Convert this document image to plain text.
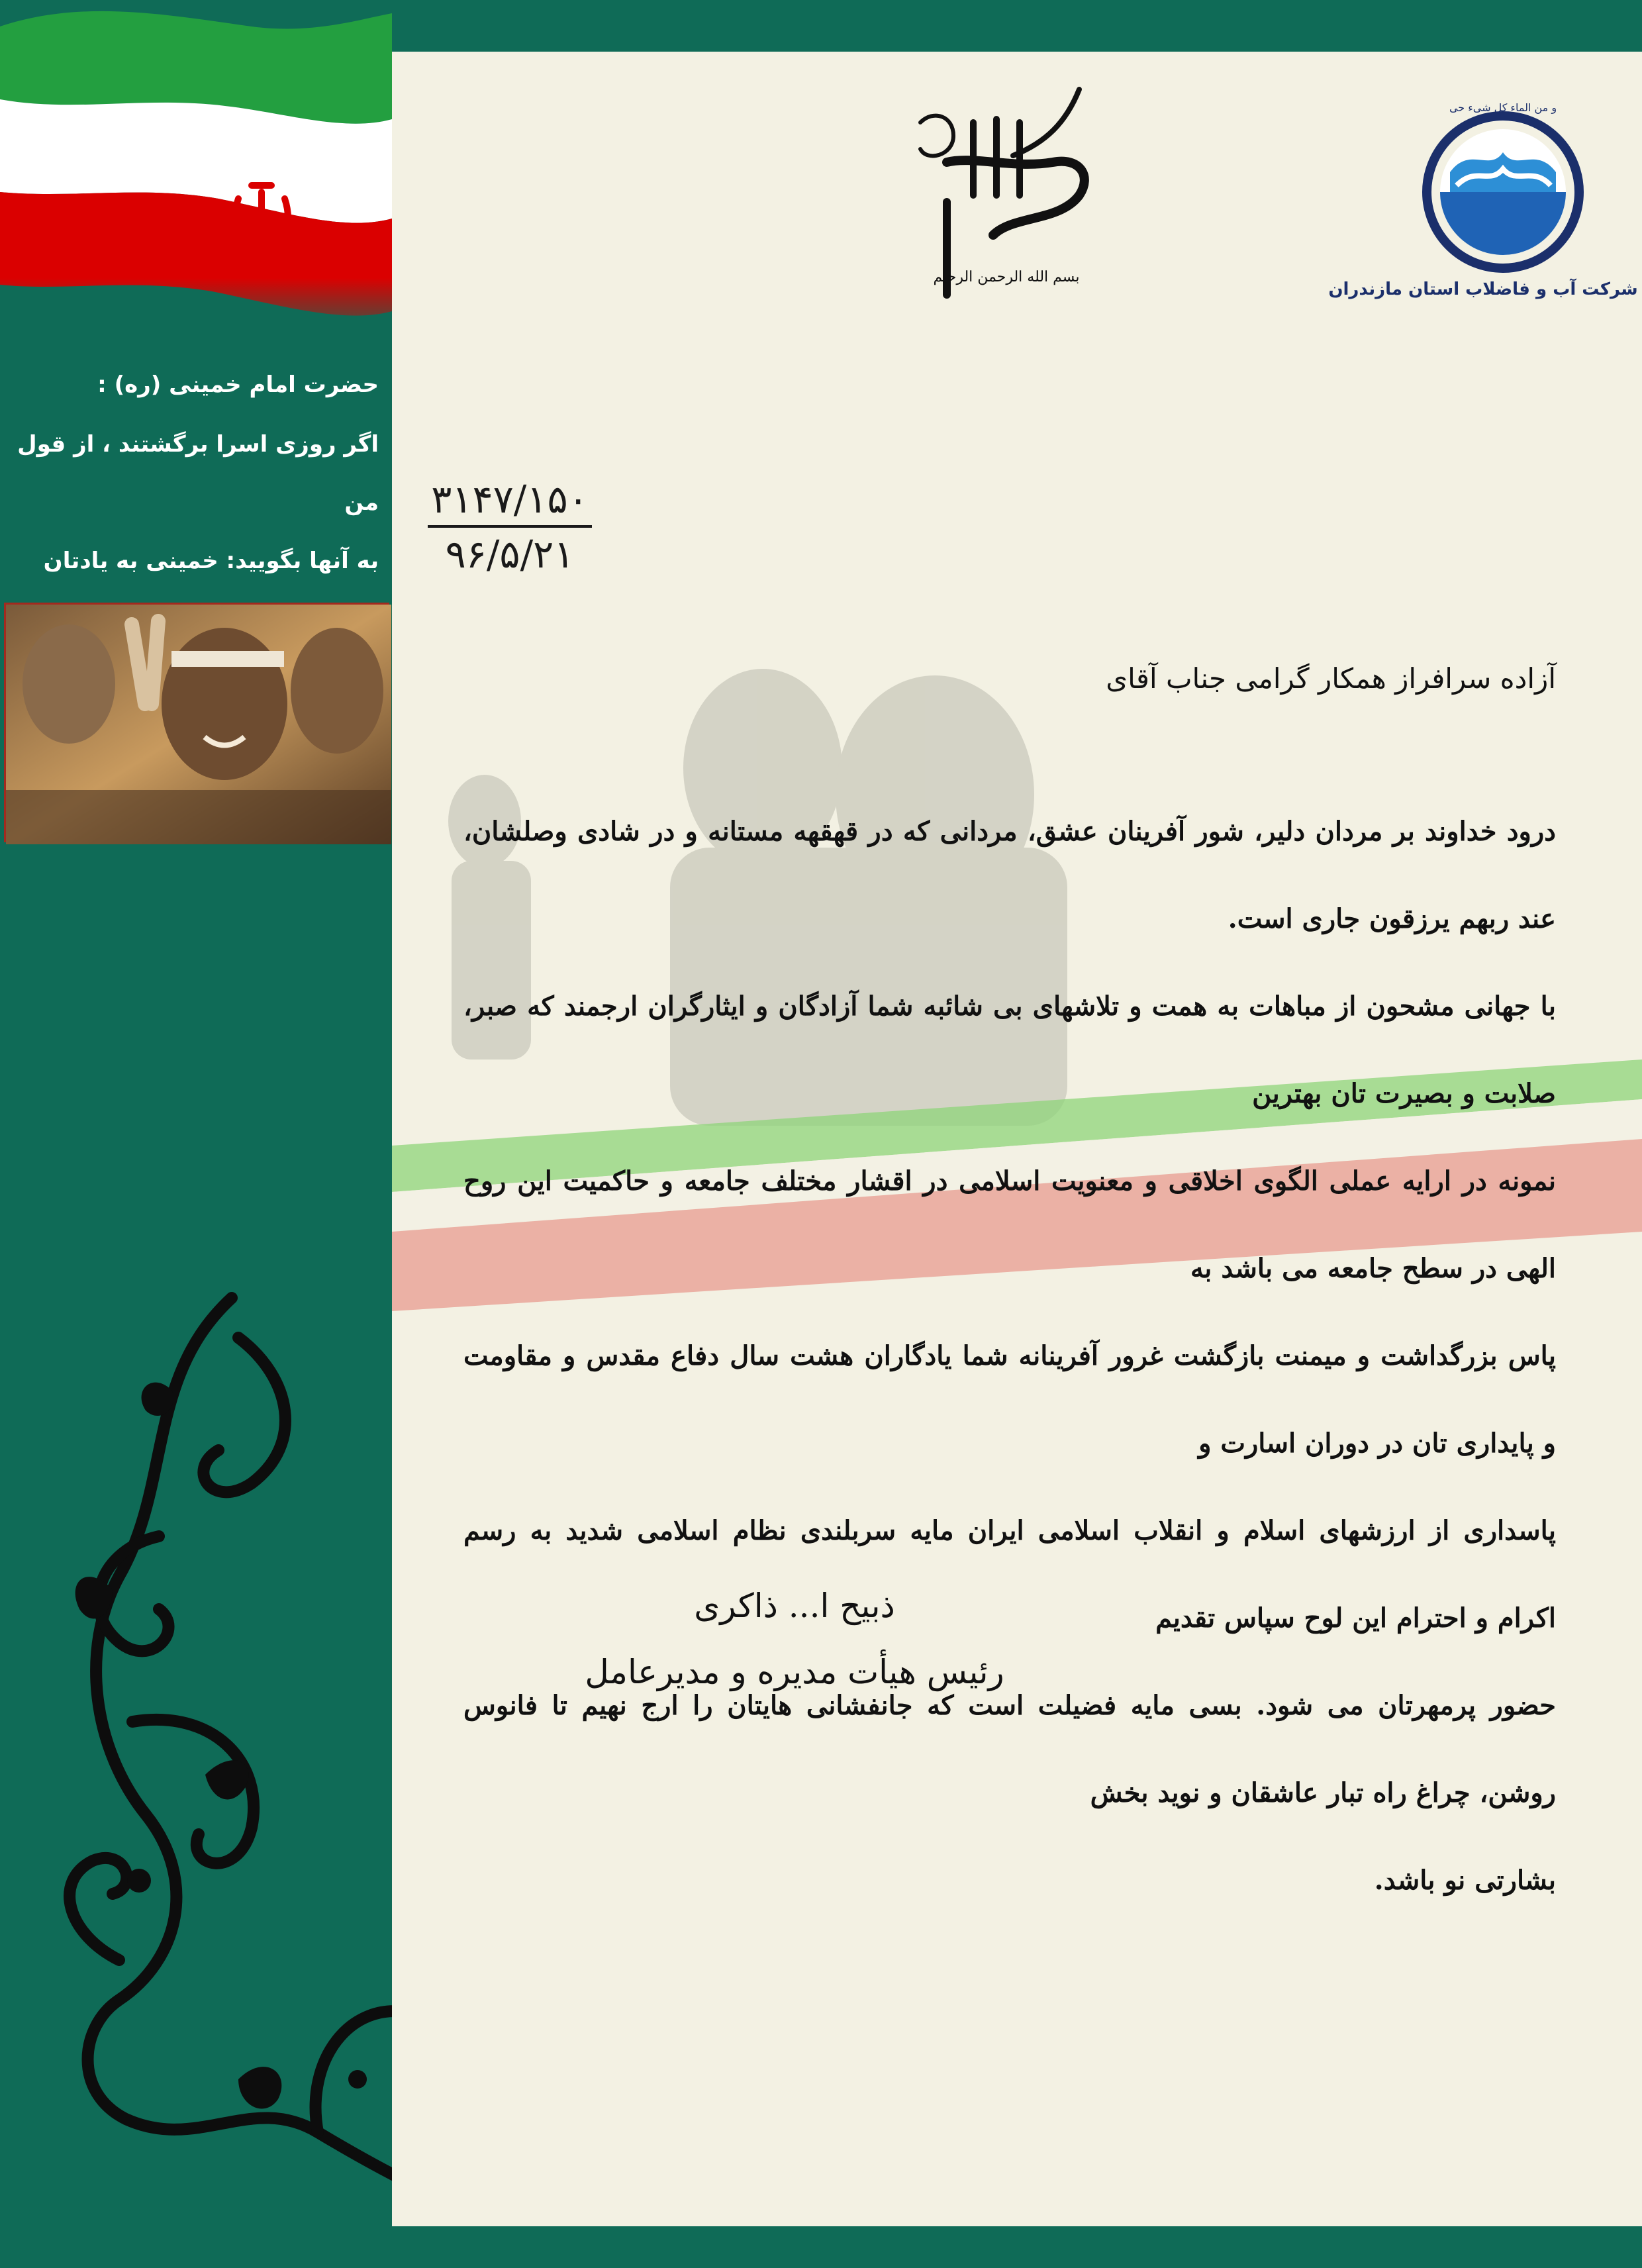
حضرت امام خمینی (ره) :
اگر روزی اسرا برگشتند ، از قول من
به آنها بگویید: خمینی به یادتان
شرکت آب و فاضلاب استان مازندران
و من الماء کل شیء حی
بسم الله الرحمن الرحیم
۳۱۴۷/۱۵۰
۹۶/۵/۲۱
آزاده سرافراز همکار گرامی جناب آقای
درود خداوند بر مردان دلیر، شور آفرینان عشق، مردانی که در قهقهه مستانه و در شادی وصلشان، عند ربهم یرزقون جاری است.
با جهانی مشحون از مباهات به همت و تلاشهای بی شائبه شما آزادگان و ایثارگران ارجمند که صبر، صلابت و بصیرت تان بهترین
نمونه در ارایه عملی الگوی اخلاقی و معنویت اسلامی در اقشار مختلف جامعه و حاکمیت این روح الهی در سطح جامعه می باشد به
پاس بزرگداشت و میمنت بازگشت غرور آفرینانه شما یادگاران هشت سال دفاع مقدس و مقاومت و پایداری تان در دوران اسارت و
پاسداری از ارزشهای اسلام و انقلاب اسلامی ایران مایه سربلندی نظام اسلامی شدید به رسم اکرام و احترام این لوح سپاس تقدیم
حضور پرمهرتان می شود. بسی مایه فضیلت است که جانفشانی هایتان را ارج نهیم تا فانوس روشن، چراغ راه تبار عاشقان و نوید بخش
بشارتی نو باشد.
ذبیح ا... ذاکری
رئیس هیأت مدیره و مدیرعامل
